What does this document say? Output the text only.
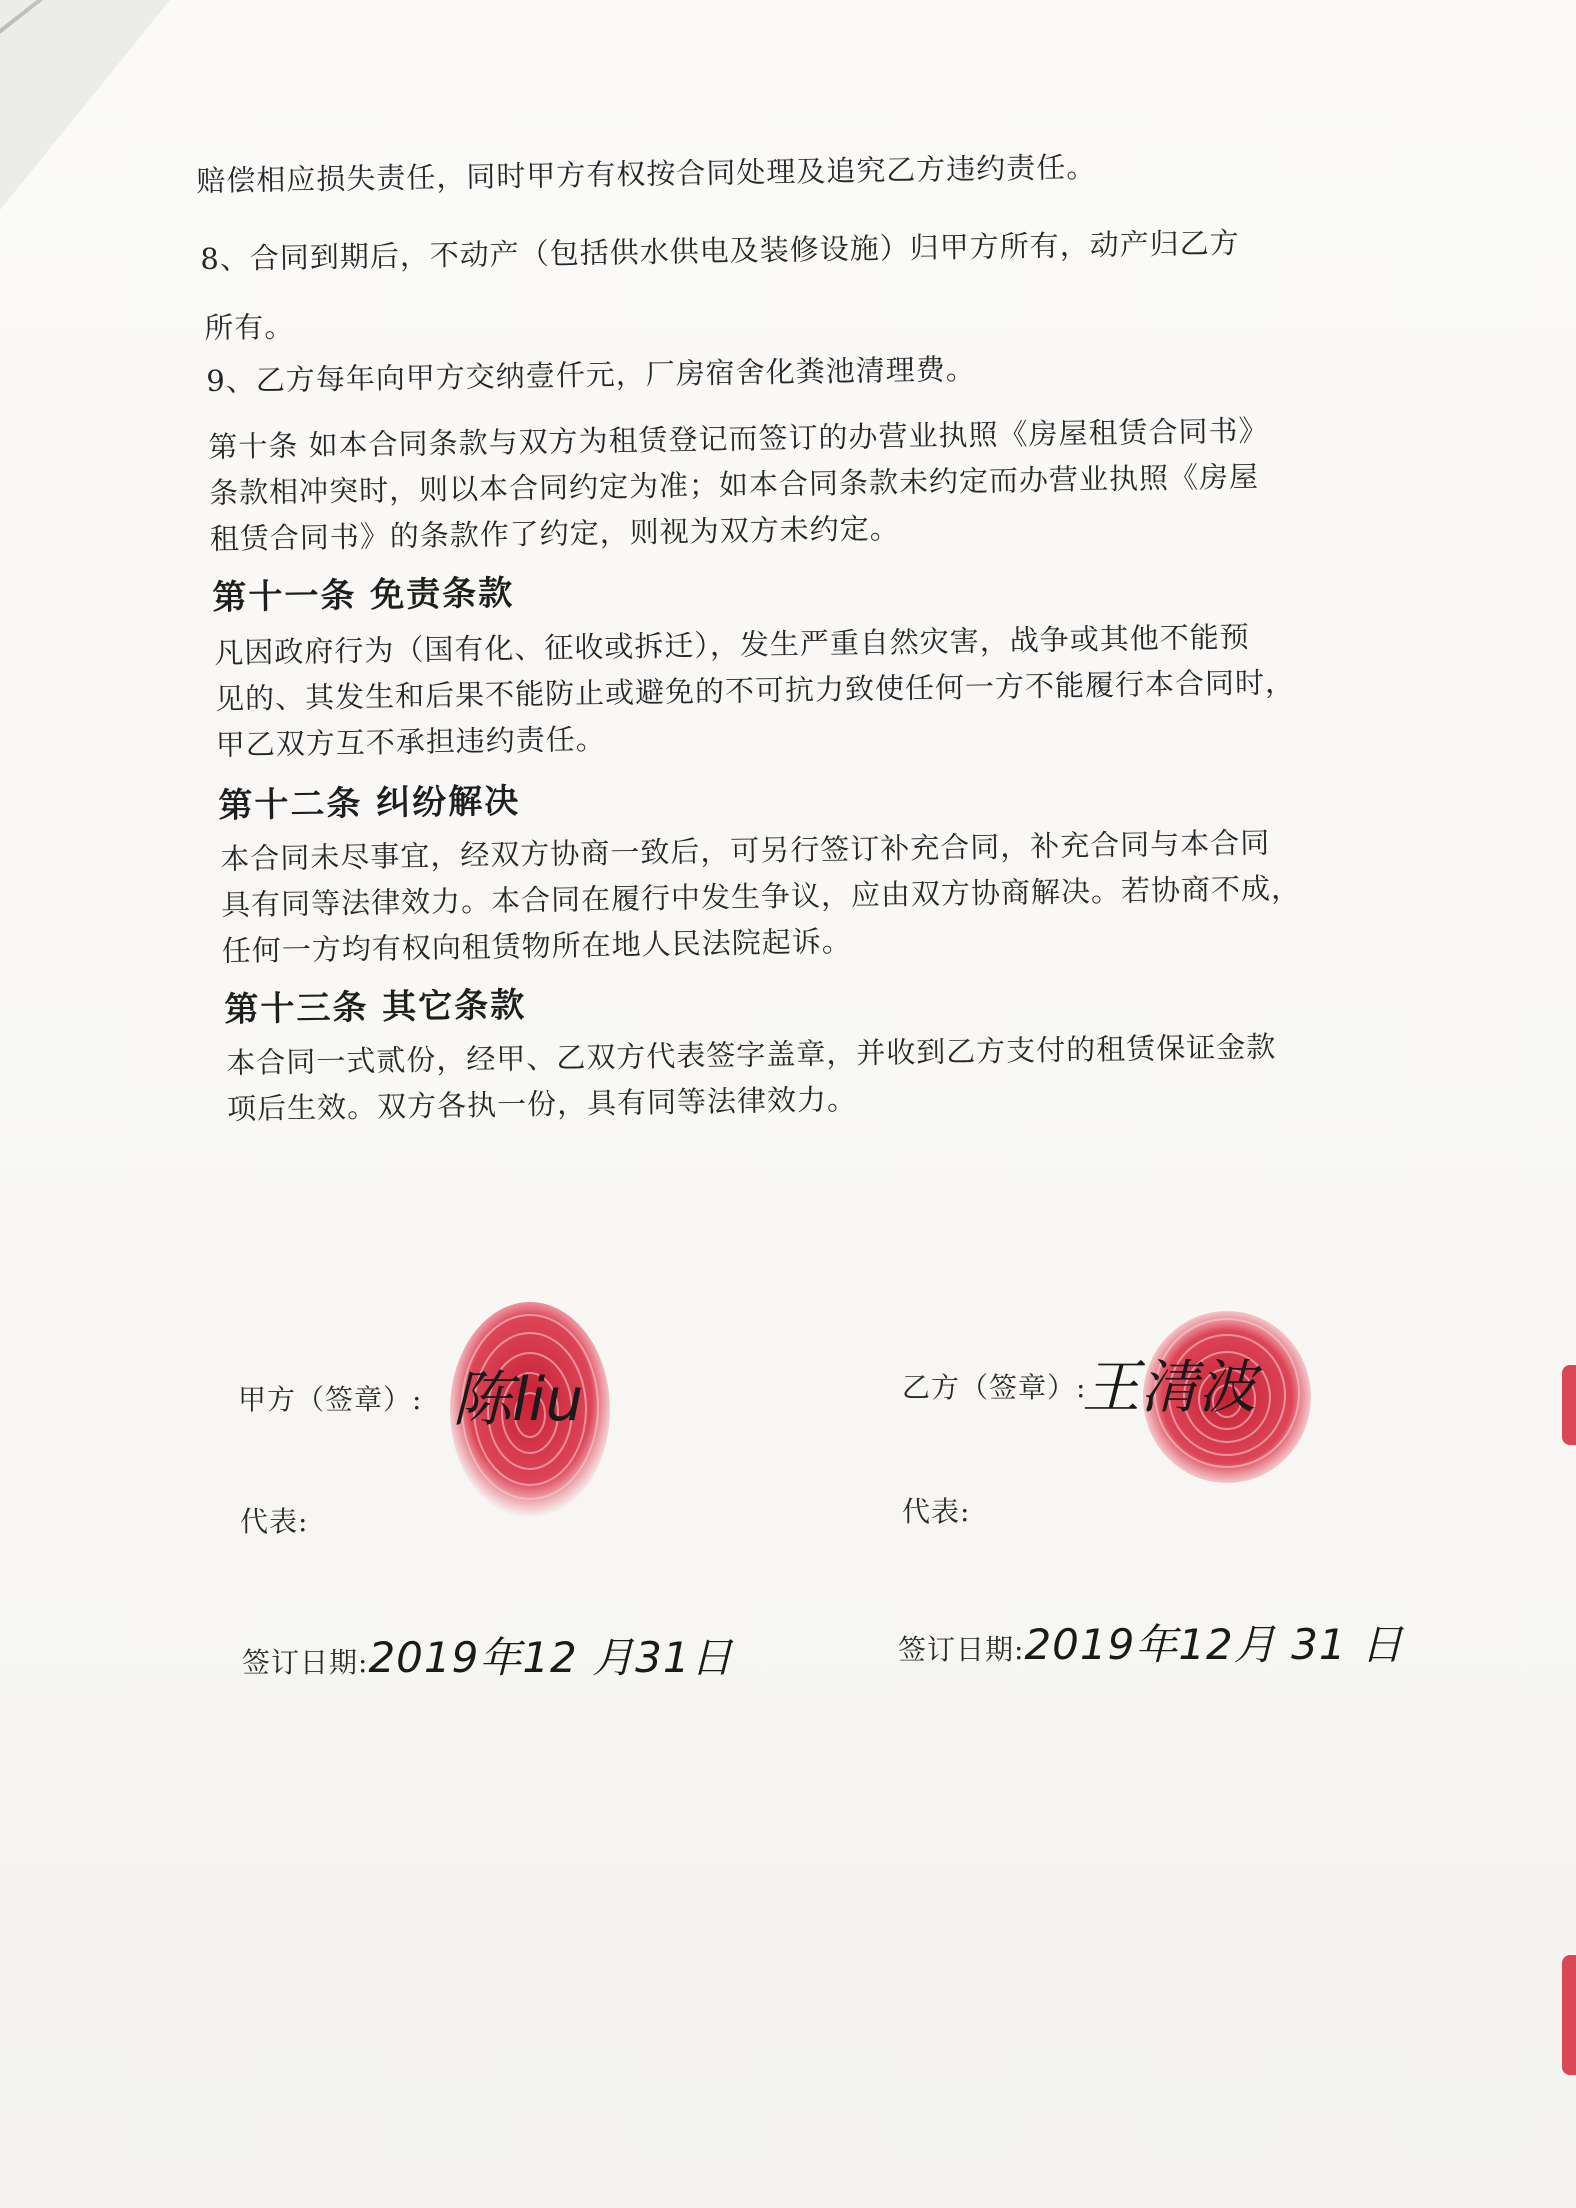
赔偿相应损失责任，同时甲方有权按合同处理及追究乙方违约责任。
8、合同到期后，不动产（包括供水供电及装修设施）归甲方所有，动产归乙方
所有。
9、乙方每年向甲方交纳壹仟元，厂房宿舍化粪池清理费。
第十条 如本合同条款与双方为租赁登记而签订的办营业执照《房屋租赁合同书》
条款相冲突时，则以本合同约定为准；如本合同条款未约定而办营业执照《房屋
租赁合同书》的条款作了约定，则视为双方未约定。
第十一条 免责条款
凡因政府行为（国有化、征收或拆迁），发生严重自然灾害，战争或其他不能预
见的、其发生和后果不能防止或避免的不可抗力致使任何一方不能履行本合同时，
甲乙双方互不承担违约责任。
第十二条 纠纷解决
本合同未尽事宜，经双方协商一致后，可另行签订补充合同，补充合同与本合同
具有同等法律效力。本合同在履行中发生争议，应由双方协商解决。若协商不成，
任何一方均有权向租赁物所在地人民法院起诉。
第十三条 其它条款
本合同一式贰份，经甲、乙双方代表签字盖章，并收到乙方支付的租赁保证金款
项后生效。双方各执一份，具有同等法律效力。
甲方（签章）: 陈liu
代表:
签订日期:2019年12 月31日
乙方（签章）:
王清波
代表:
签订日期:2019年12月 31 日
